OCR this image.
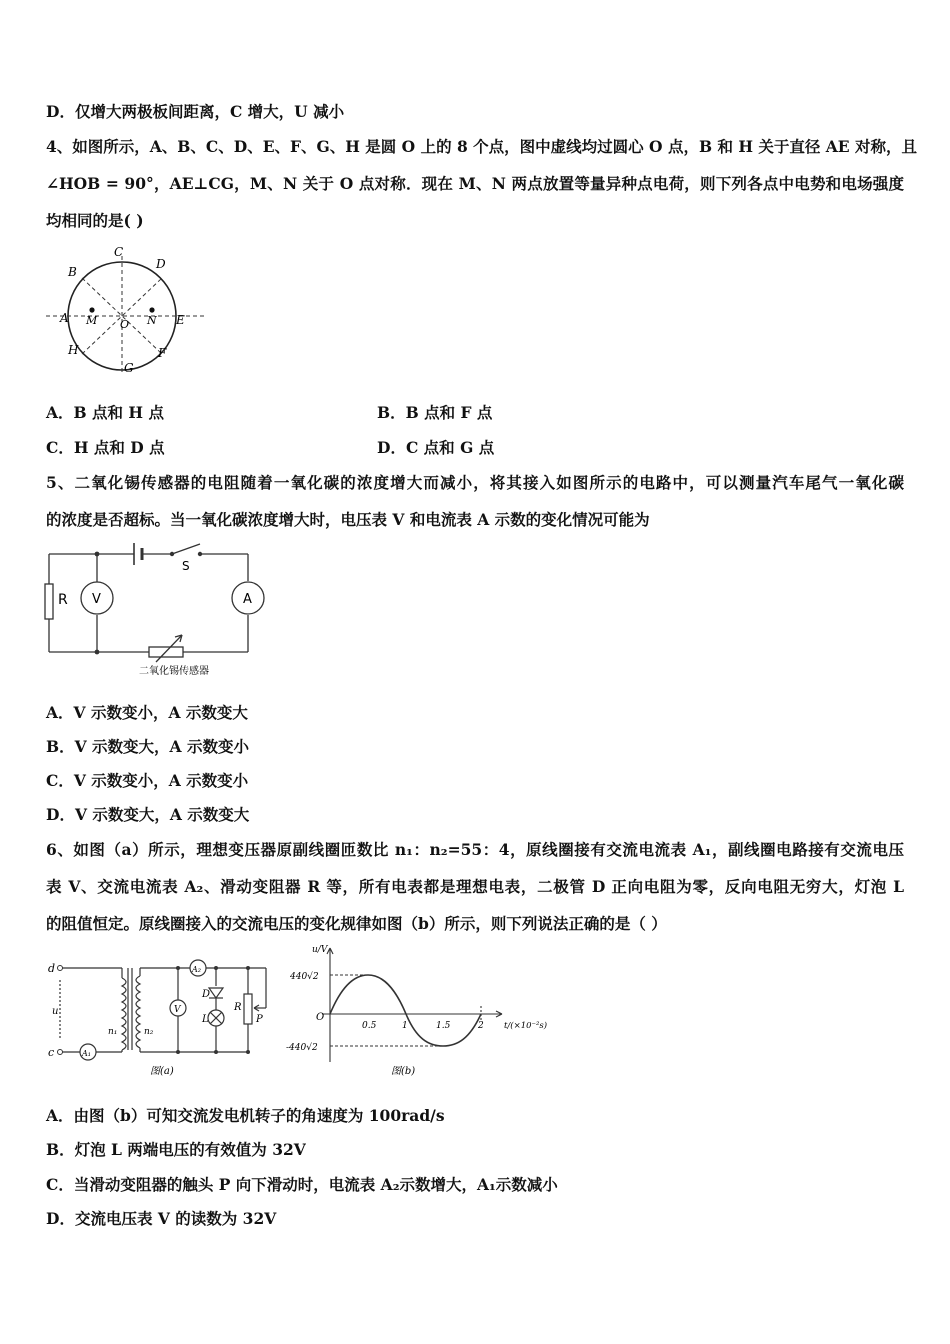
D．仅增大两极板间距离，C 增大，U 减小
4、如图所示，A、B、C、D、E、F、G、H 是圆 O 上的 8 个点，图中虚线均过圆心 O 点，B 和 H 关于直径 AE 对称，且
∠HOB = 90°，AE⊥CG，M、N 关于 O 点对称．现在 M、N 两点放置等量异种点电荷，则下列各点中电势和电场强度
均相同的是( )
C
D
B
A M O N E
H	F
G
A．B 点和 H 点	B．B 点和 F 点
C．H 点和 D 点	D．C 点和 G 点
5、二氧化锡传感器的电阻随着一氧化碳的浓度增大而减小，将其接入如图所示的电路中，可以测量汽车尾气一氧化碳
的浓度是否超标。当一氧化碳浓度增大时，电压表 V 和电流表 A 示数的变化情况可能为
R V	A
S
二氧化锡传感器
A．V 示数变小，A 示数变大
B．V 示数变大，A 示数变小
C．V 示数变小，A 示数变小
D．V 示数变大，A 示数变大
6、如图（a）所示，理想变压器原副线圈匝数比 n₁：n₂=55：4，原线圈接有交流电流表 A₁，副线圈电路接有交流电压
表 V、交流电流表 A₂、滑动变阻器 R 等，所有电表都是理想电表，二极管 D 正向电阻为零，反向电阻无穷大，灯泡 L
的阻值恒定。原线圈接入的交流电压的变化规律如图（b）所示，则下列说法正确的是（ ）
d
c
u
n₁	n₂
A₁
A₂
V
D
L
R
P
图(a)
u/V
440√2
-440√2
O
0.5	1	1.5	2 t/(×10⁻²s)
图(b)
A．由图（b）可知交流发电机转子的角速度为 100rad/s
B．灯泡 L 两端电压的有效值为 32V
C．当滑动变阻器的触头 P 向下滑动时，电流表 A₂示数增大，A₁示数减小
D．交流电压表 V 的读数为 32V
